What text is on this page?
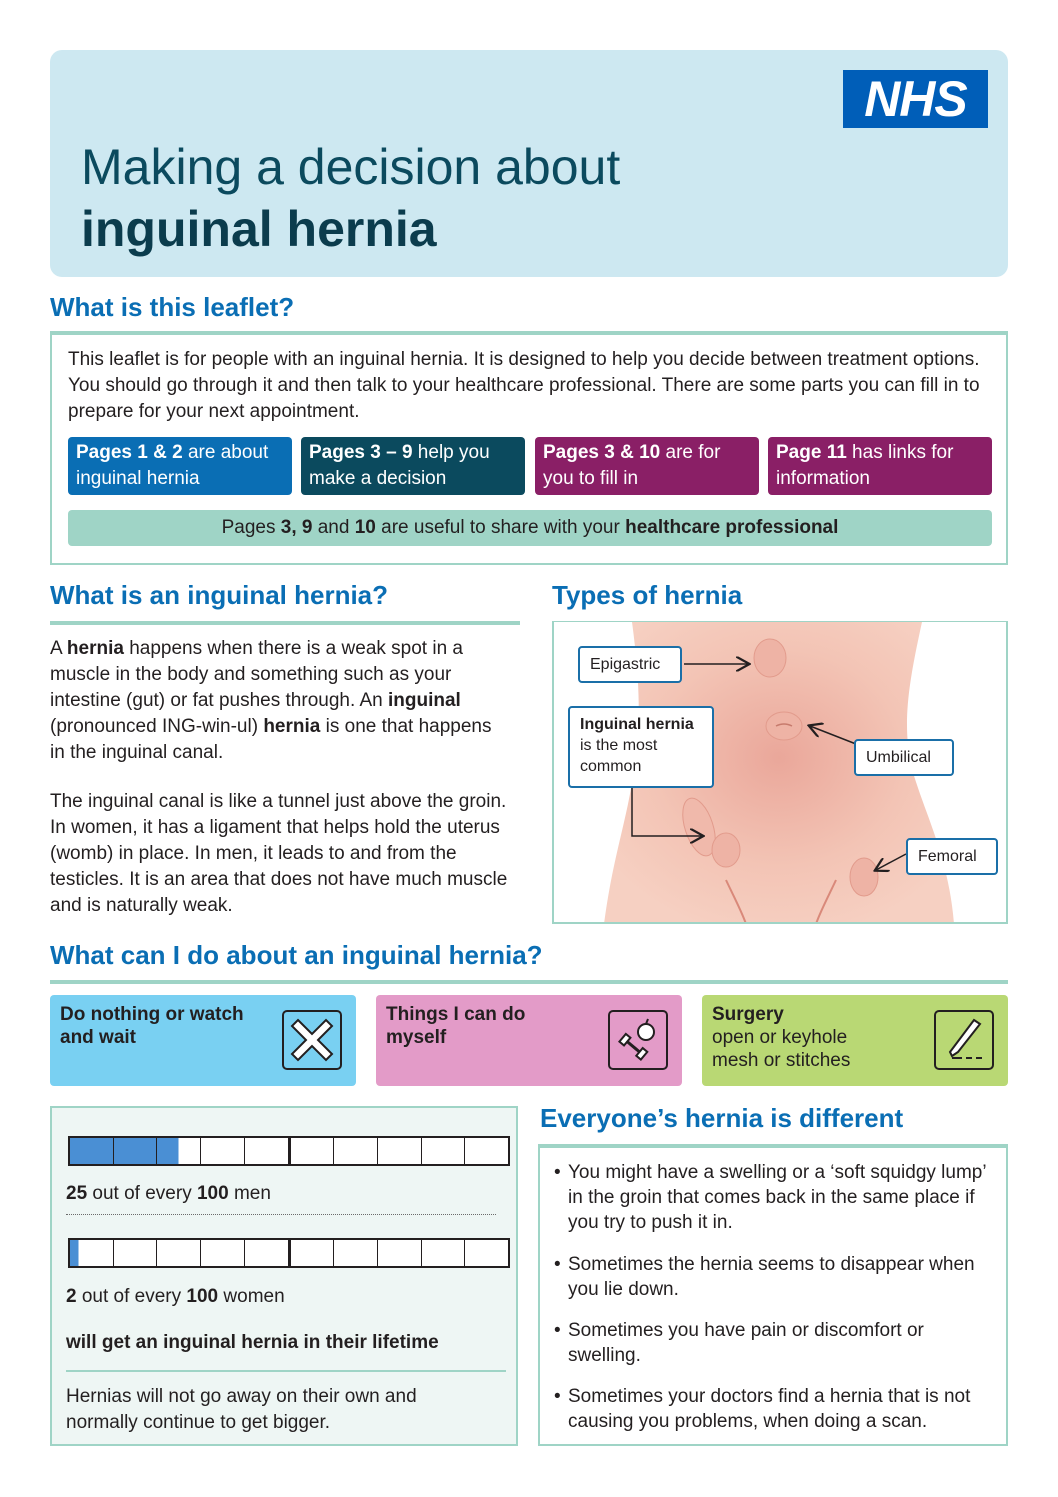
NHS
Making a decision about
inguinal hernia
What is this leaflet?
This leaflet is for people with an inguinal hernia. It is designed to help you decide between treatment options. You should go through it and then talk to your healthcare professional. There are some parts you can fill in to prepare for your next appointment.
Pages 1 & 2 are about inguinal hernia
Pages 3 – 9 help you make a decision
Pages 3 & 10 are for you to fill in
Page 11 has links for information
Pages 3, 9 and 10 are useful to share with your healthcare professional
What is an inguinal hernia?
A hernia happens when there is a weak spot in a muscle in the body and something such as your intestine (gut) or fat pushes through. An inguinal (pronounced ING-win-ul) hernia is one that happens in the inguinal canal.
The inguinal canal is like a tunnel just above the groin. In women, it has a ligament that helps hold the uterus (womb) in place. In men, it leads to and from the testicles. It is an area that does not have much muscle and is naturally weak.
Types of hernia
Epigastric
Inguinal hernia
is the most common
Umbilical
Femoral
What can I do about an inguinal hernia?
Do nothing or watch and wait
Things I can do myself
Surgery
open or keyhole mesh or stitches
25 out of every 100 men
2 out of every 100 women
will get an inguinal hernia in their lifetime
Hernias will not go away on their own and normally continue to get bigger.
Everyone’s hernia is different
• You might have a swelling or a ‘soft squidgy lump’ in the groin that comes back in the same place if you try to push it in.
• Sometimes the hernia seems to disappear when you lie down.
• Sometimes you have pain or discomfort or swelling.
• Sometimes your doctors find a hernia that is not causing you problems, when doing a scan.
